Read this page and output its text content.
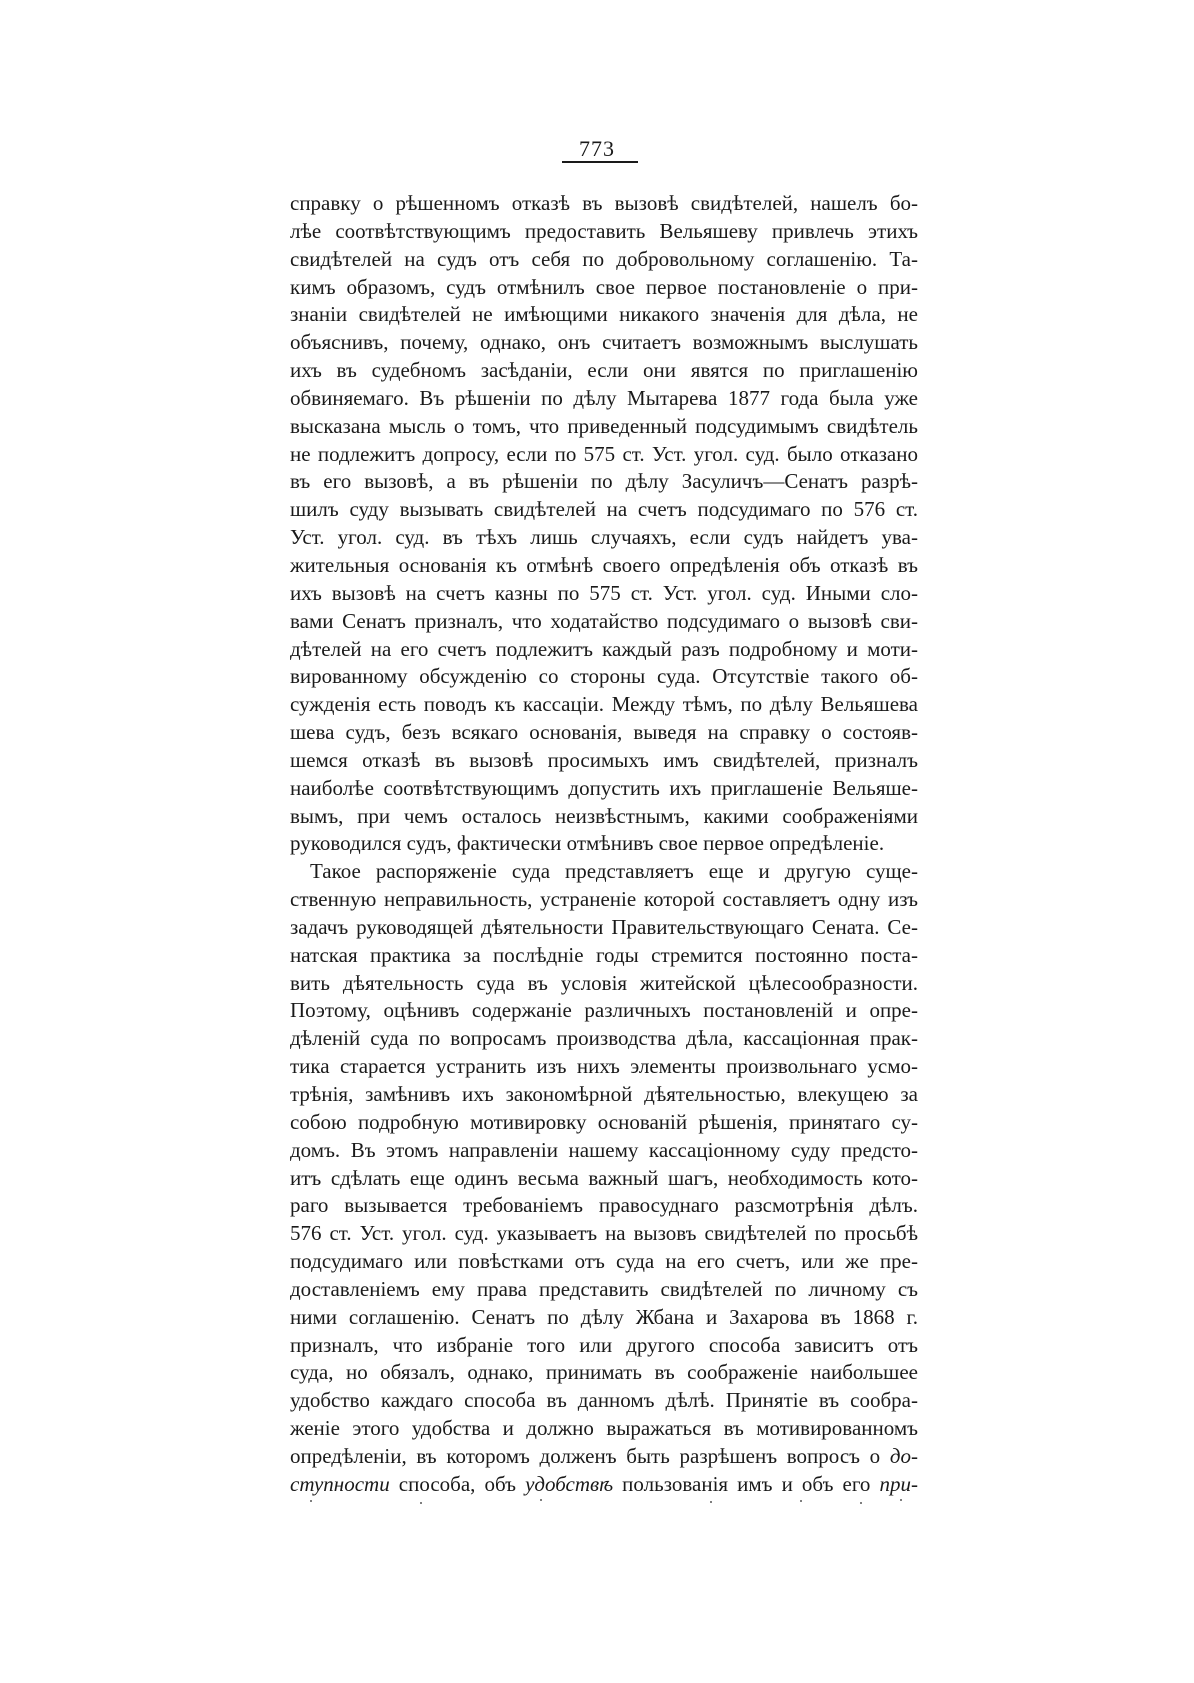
773
справку о рѣшенномъ отказѣ въ вызовѣ свидѣтелей, нашелъ бо-
лѣе соотвѣтствующимъ предоставить Вельяшеву привлечь этихъ
свидѣтелей на судъ отъ себя по добровольному соглашенію. Та-
кимъ образомъ, судъ отмѣнилъ свое первое постановленіе о при-
знаніи свидѣтелей не имѣющими никакого значенія для дѣла, не
объяснивъ, почему, однако, онъ считаетъ возможнымъ выслушать
ихъ въ судебномъ засѣданіи, если они явятся по приглашенію
обвиняемаго. Въ рѣшеніи по дѣлу Мытарева 1877 года была уже
высказана мысль о томъ, что приведенный подсудимымъ свидѣтель
не подлежитъ допросу, если по 575 ст. Уст. угол. суд. было отказано
въ его вызовѣ, а въ рѣшеніи по дѣлу Засуличъ—Сенатъ разрѣ-
шилъ суду вызывать свидѣтелей на счетъ подсудимаго по 576 ст.
Уст. угол. суд. въ тѣхъ лишь случаяхъ, если судъ найдетъ ува-
жительныя основанія къ отмѣнѣ своего опредѣленія объ отказѣ въ
ихъ вызовѣ на счетъ казны по 575 ст. Уст. угол. суд. Иными сло-
вами Сенатъ призналъ, что ходатайство подсудимаго о вызовѣ сви-
дѣтелей на его счетъ подлежитъ каждый разъ подробному и моти-
вированному обсужденію со стороны суда. Отсутствіе такого об-
сужденія есть поводъ къ кассаціи. Между тѣмъ, по дѣлу Вельяшева
шева судъ, безъ всякаго основанія, выведя на справку о состояв-
шемся отказѣ въ вызовѣ просимыхъ имъ свидѣтелей, призналъ
наиболѣе соотвѣтствующимъ допустить ихъ приглашеніе Вельяше-
вымъ, при чемъ осталось неизвѣстнымъ, какими соображеніями
руководился судъ, фактически отмѣнивъ свое первое опредѣленіе.
Такое распоряженіе суда представляетъ еще и другую суще-
ственную неправильность, устраненіе которой составляетъ одну изъ
задачъ руководящей дѣятельности Правительствующаго Сената. Се-
натская практика за послѣдніе годы стремится постоянно поста-
вить дѣятельность суда въ условія житейской цѣлесообразности.
Поэтому, оцѣнивъ содержаніе различныхъ постановленій и опре-
дѣленій суда по вопросамъ производства дѣла, кассаціонная прак-
тика старается устранить изъ нихъ элементы произвольнаго усмо-
трѣнія, замѣнивъ ихъ закономѣрной дѣятельностью, влекущею за
собою подробную мотивировку основаній рѣшенія, принятаго су-
домъ. Въ этомъ направленіи нашему кассаціонному суду предсто-
итъ сдѣлать еще одинъ весьма важный шагъ, необходимость кото-
раго вызывается требованіемъ правосуднаго разсмотрѣнія дѣлъ.
576 ст. Уст. угол. суд. указываетъ на вызовъ свидѣтелей по просьбѣ
подсудимаго или повѣстками отъ суда на его счетъ, или же пре-
доставленіемъ ему права представить свидѣтелей по личному съ
ними соглашенію. Сенатъ по дѣлу Жбана и Захарова въ 1868 г.
призналъ, что избраніе того или другого способа зависитъ отъ
суда, но обязалъ, однако, принимать въ соображеніе наибольшее
удобство каждаго способа въ данномъ дѣлѣ. Принятіе въ сообра-
женіе этого удобства и должно выражаться въ мотивированномъ
опредѣленіи, въ которомъ долженъ быть разрѣшенъ вопросъ о до-
ступности способа, объ удобствѣ пользованія имъ и объ его при-
